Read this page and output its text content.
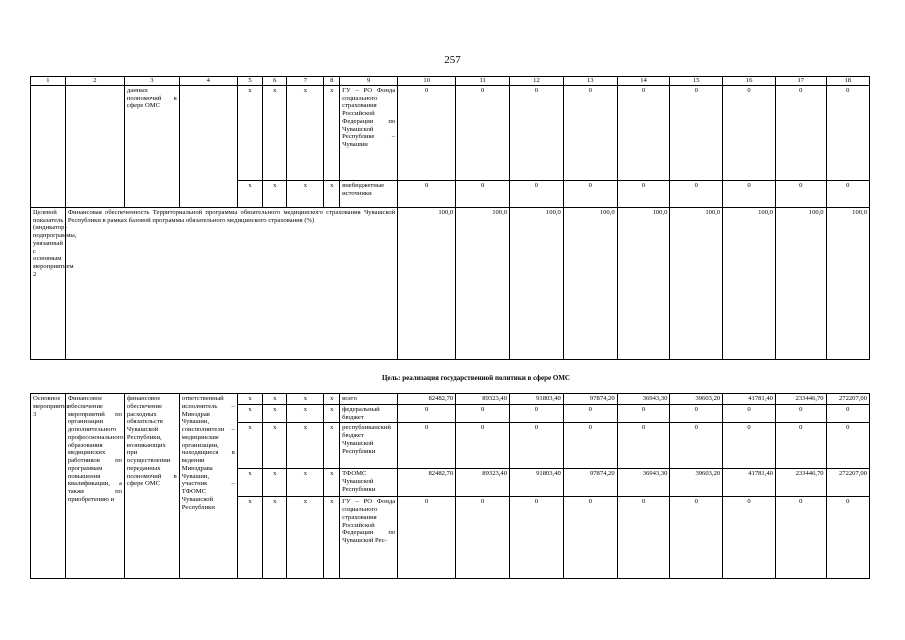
257
1	2	3	4	5	6	7	8	9	10	11	12	13	14	15	16	17	18
		данных полномочий в сфере ОМС		x	x	x	x	ГУ – РО Фонда социального страхования Российской Федерации по Чувашской Республике – Чувашии	0	0	0	0	0	0	0	0	0
				x	x	x	x	внебюджетные источники	0	0	0	0	0	0	0	0	0
Целевой показатель (индикатор) подпрограммы, увязанный с основным мероприятием 2	Финансовая обеспеченность Территориальной программы обязательного медицинского страхования Чувашской Республики в рамках базовой программы обязательного медицинского страхования (%)								100,0	100,0	100,0	100,0	100,0	100,0	100,0	100,0	100,0
Цель: реализация государственной политики в сфере ОМС
Основное мероприятие 3	Финансовое обеспечение мероприятий по организации дополнительного профессионального образования медицинских работников по программам повышения квалификации, а также по приобретению и	финансовое обеспечение расходных обязательств Чувашской Республики, возникающих при осуществлении переданных полномочий в сфере ОМС	ответственный исполнитель – Минздрав Чувашии, соисполнители – медицинские организации, находящиеся в ведении Минздрава Чувашии, участник – ТФОМС Чувашской Республики	x	x	x	x	всего	82482,70	89323,40	91803,40	97874,20	36943,30	39603,20	41781,40	233446,70	272207,00
				x	x	x	x	федеральный бюджет	0	0	0	0	0	0	0	0	0
				x	x	x	x	республиканский бюджет Чувашской Республики	0	0	0	0	0	0	0	0	0
				x	x	x	x	ТФОМС Чувашской Республики	82482,70	89323,40	91803,40	97874,20	36943,30	39603,20	41781,40	233446,70	272207,00
				x	x	x	x	ГУ – РО Фонда социального страхования Российской Федерации по Чувашской Рес-	0	0	0	0	0	0	0	0	0
